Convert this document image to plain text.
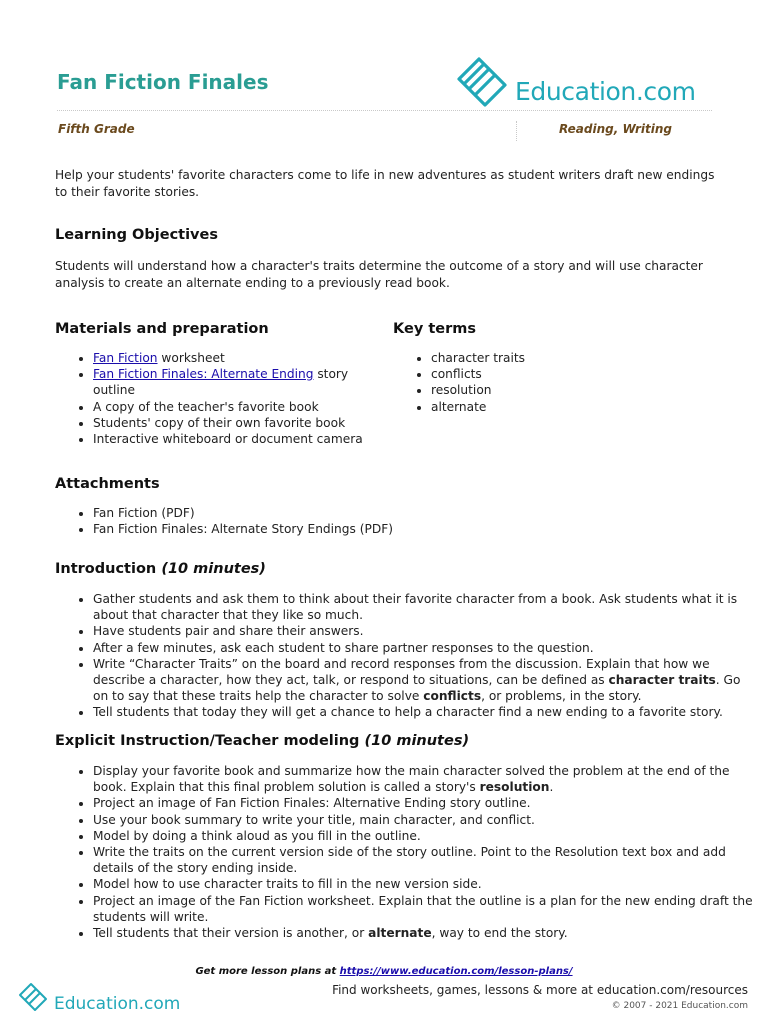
Fan Fiction Finales	Education.com
Fifth Grade	Reading, Writing

Help your students' favorite characters come to life in new adventures as student writers draft new endings to their favorite stories.

Learning Objectives

Students will understand how a character's traits determine the outcome of a story and will use character analysis to create an alternate ending to a previously read book.

Materials and preparation
• Fan Fiction worksheet
• Fan Fiction Finales: Alternate Ending story outline
• A copy of the teacher's favorite book
• Students' copy of their own favorite book
• Interactive whiteboard or document camera
Key terms
• character traits
• conflicts
• resolution
• alternate
Attachments
• Fan Fiction (PDF)
• Fan Fiction Finales: Alternate Story Endings (PDF)
Introduction (10 minutes)
• Gather students and ask them to think about their favorite character from a book. Ask students what it is about that character that they like so much.
• Have students pair and share their answers.
• After a few minutes, ask each student to share partner responses to the question.
• Write “Character Traits” on the board and record responses from the discussion. Explain that how we describe a character, how they act, talk, or respond to situations, can be defined as character traits. Go on to say that these traits help the character to solve conflicts, or problems, in the story.
• Tell students that today they will get a chance to help a character find a new ending to a favorite story.
Explicit Instruction/Teacher modeling (10 minutes)
• Display your favorite book and summarize how the main character solved the problem at the end of the book. Explain that this final problem solution is called a story's resolution.
• Project an image of Fan Fiction Finales: Alternative Ending story outline.
• Use your book summary to write your title, main character, and conflict.
• Model by doing a think aloud as you fill in the outline.
• Write the traits on the current version side of the story outline. Point to the Resolution text box and add details of the story ending inside.
• Model how to use character traits to fill in the new version side.
• Project an image of the Fan Fiction worksheet. Explain that the outline is a plan for the new ending draft the students will write.
• Tell students that their version is another, or alternate, way to end the story.
Get more lesson plans at https://www.education.com/lesson-plans/
Education.com
Find worksheets, games, lessons & more at education.com/resources
© 2007 - 2021 Education.com
